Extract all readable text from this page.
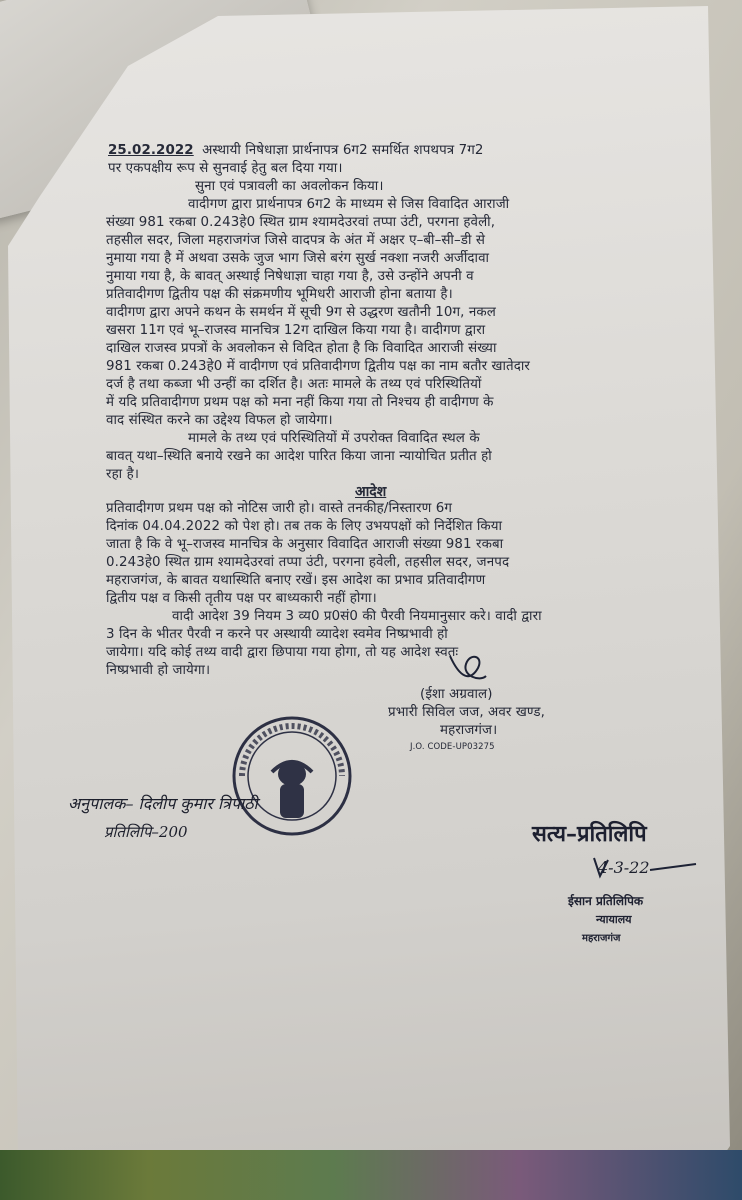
25.02.2022 अस्थायी निषेधाज्ञा प्रार्थनापत्र 6ग2 समर्थित शपथपत्र 7ग2
पर एकपक्षीय रूप से सुनवाई हेतु बल दिया गया।
सुना एवं पत्रावली का अवलोकन किया।
वादीगण द्वारा प्रार्थनापत्र 6ग2 के माध्यम से जिस विवादित आराजी
संख्या 981 रकबा 0.243हे0 स्थित ग्राम श्यामदेउरवां तप्पा उंटी, परगना हवेली,
तहसील सदर, जिला महराजगंज जिसे वादपत्र के अंत में अक्षर ए–बी–सी–डी से
नुमाया गया है में अथवा उसके जुज भाग जिसे बरंग सुर्ख नक्शा नजरी अर्जीदावा
नुमाया गया है, के बावत् अस्थाई निषेधाज्ञा चाहा गया है, उसे उन्होंने अपनी व
प्रतिवादीगण द्वितीय पक्ष की संक्रमणीय भूमिधरी आराजी होना बताया है।
वादीगण द्वारा अपने कथन के समर्थन में सूची 9ग से उद्धरण खतौनी 10ग, नकल
खसरा 11ग एवं भू–राजस्व मानचित्र 12ग दाखिल किया गया है। वादीगण द्वारा
दाखिल राजस्व प्रपत्रों के अवलोकन से विदित होता है कि विवादित आराजी संख्या
981 रकबा 0.243हे0 में वादीगण एवं प्रतिवादीगण द्वितीय पक्ष का नाम बतौर खातेदार
दर्ज है तथा कब्जा भी उन्हीं का दर्शित है। अतः मामले के तथ्य एवं परिस्थितियों
में यदि प्रतिवादीगण प्रथम पक्ष को मना नहीं किया गया तो निश्चय ही वादीगण के
वाद संस्थित करने का उद्देश्य विफल हो जायेगा।
मामले के तथ्य एवं परिस्थितियों में उपरोक्त विवादित स्थल के
बावत् यथा–स्थिति बनाये रखने का आदेश पारित किया जाना न्यायोचित प्रतीत हो
रहा है।
आदेश
प्रतिवादीगण प्रथम पक्ष को नोटिस जारी हो। वास्ते तनकीह/निस्तारण 6ग
दिनांक 04.04.2022 को पेश हो। तब तक के लिए उभयपक्षों को निर्देशित किया
जाता है कि वे भू–राजस्व मानचित्र के अनुसार विवादित आराजी संख्या 981 रकबा
0.243हे0 स्थित ग्राम श्यामदेउरवां तप्पा उंटी, परगना हवेली, तहसील सदर, जनपद
महराजगंज, के बावत यथास्थिति बनाए रखें। इस आदेश का प्रभाव प्रतिवादीगण
द्वितीय पक्ष व किसी तृतीय पक्ष पर बाध्यकारी नहीं होगा।
वादी आदेश 39 नियम 3 व्य0 प्र0सं0 की पैरवी नियमानुसार करे। वादी द्वारा
3 दिन के भीतर पैरवी न करने पर अस्थायी व्यादेश स्वमेव निष्प्रभावी हो
जायेगा। यदि कोई तथ्य वादी द्वारा छिपाया गया होगा, तो यह आदेश स्वतः
निष्प्रभावी हो जायेगा।
(ईशा अग्रवाल)
प्रभारी सिविल जज, अवर खण्ड,
महराजगंज।
J.O. CODE-UP03275
अनुपालक– दिलीप कुमार त्रिपाठी
प्रतिलिपि–200	सत्य–प्रतिलिपि
4-3-22
ईसान प्रतिलिपिक
न्यायालय
महराजगंज
